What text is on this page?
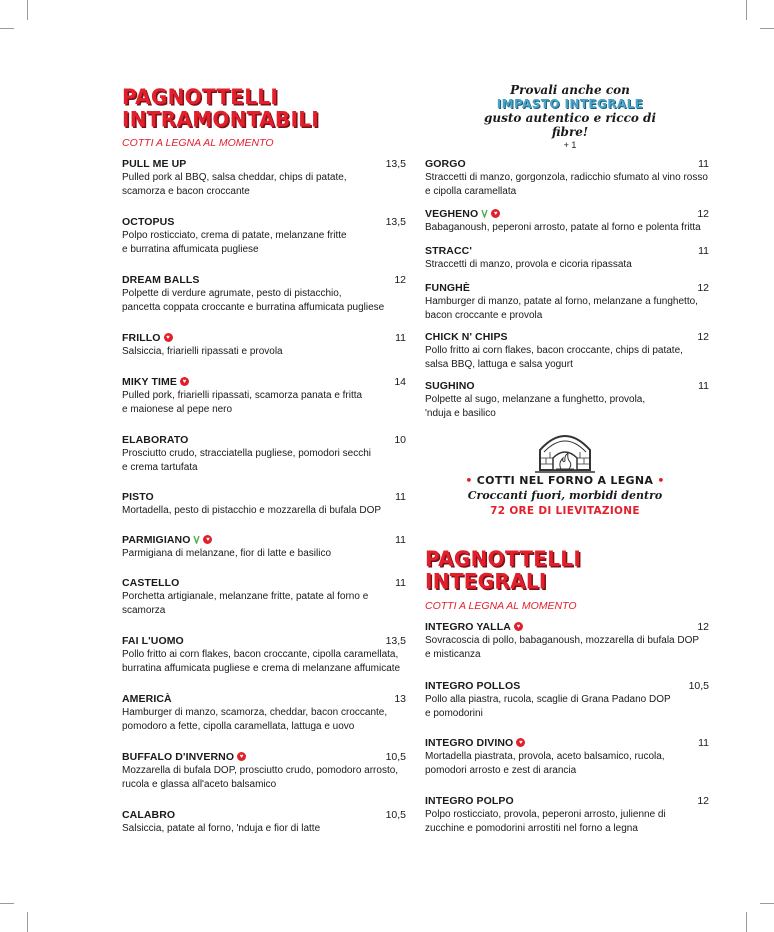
PAGNOTTELLI
INTRAMONTABILI
COTTI A LEGNA AL MOMENTO
PULL ME UP	13,5
Pulled pork al BBQ, salsa cheddar, chips di patate,
scamorza e bacon croccante
OCTOPUS	13,5
Polpo rosticciato, crema di patate, melanzane fritte
e burratina affumicata pugliese
DREAM BALLS	12
Polpette di verdure agrumate, pesto di pistacchio,
pancetta coppata croccante e burratina affumicata pugliese
FRILLO ♥	11
Salsiccia, friarielli ripassati e provola
MIKY TIME ♥	14
Pulled pork, friarielli ripassati, scamorza panata e fritta
e maionese al pepe nero
ELABORATO	10
Prosciutto crudo, stracciatella pugliese, pomodori secchi
e crema tartufata
PISTO	11
Mortadella, pesto di pistacchio e mozzarella di bufala DOP
PARMIGIANO	♥	11
Parmigiana di melanzane, fior di latte e basilico
CASTELLO	11
Porchetta artigianale, melanzane fritte, patate al forno e
scamorza
FAI L'UOMO	13,5
Pollo fritto ai corn flakes, bacon croccante, cipolla caramellata,
burratina affumicata pugliese e crema di melanzane affumicate
AMERICÀ	13
Hamburger di manzo, scamorza, cheddar, bacon croccante,
pomodoro a fette, cipolla caramellata, lattuga e uovo
BUFFALO D'INVERNO ♥	10,5
Mozzarella di bufala DOP, prosciutto crudo, pomodoro arrosto,
rucola e glassa all'aceto balsamico
CALABRO	10,5
Salsiccia, patate al forno, 'nduja e fior di latte
Provali anche con
IMPASTO INTEGRALE
gusto autentico e ricco di fibre!
+ 1
GORGO	11
Straccetti di manzo, gorgonzola, radicchio sfumato al vino rosso
e cipolla caramellata
VEGHENO	♥	12
Babaganoush, peperoni arrosto, patate al forno e polenta fritta
STRACC'	11
Straccetti di manzo, provola e cicoria ripassata
FUNGHÈ	12
Hamburger di manzo, patate al forno, melanzane a funghetto,
bacon croccante e provola
CHICK N' CHIPS	12
Pollo fritto ai corn flakes, bacon croccante, chips di patate,
salsa BBQ, lattuga e salsa yogurt
SUGHINO	11
Polpette al sugo, melanzane a funghetto, provola,
'nduja e basilico
• COTTI NEL FORNO A LEGNA •
Croccanti fuori, morbidi dentro
72 ORE DI LIEVITAZIONE
PAGNOTTELLI
INTEGRALI
COTTI A LEGNA AL MOMENTO
INTEGRO YALLA ♥	12
Sovracoscia di pollo, babaganoush, mozzarella di bufala DOP
e misticanza
INTEGRO POLLOS	10,5
Pollo alla piastra, rucola, scaglie di Grana Padano DOP
e pomodorini
INTEGRO DIVINO ♥	11
Mortadella piastrata, provola, aceto balsamico, rucola,
pomodori arrosto e zest di arancia
INTEGRO POLPO	12
Polpo rosticciato, provola, peperoni arrosto, julienne di
zucchine e pomodorini arrostiti nel forno a legna
